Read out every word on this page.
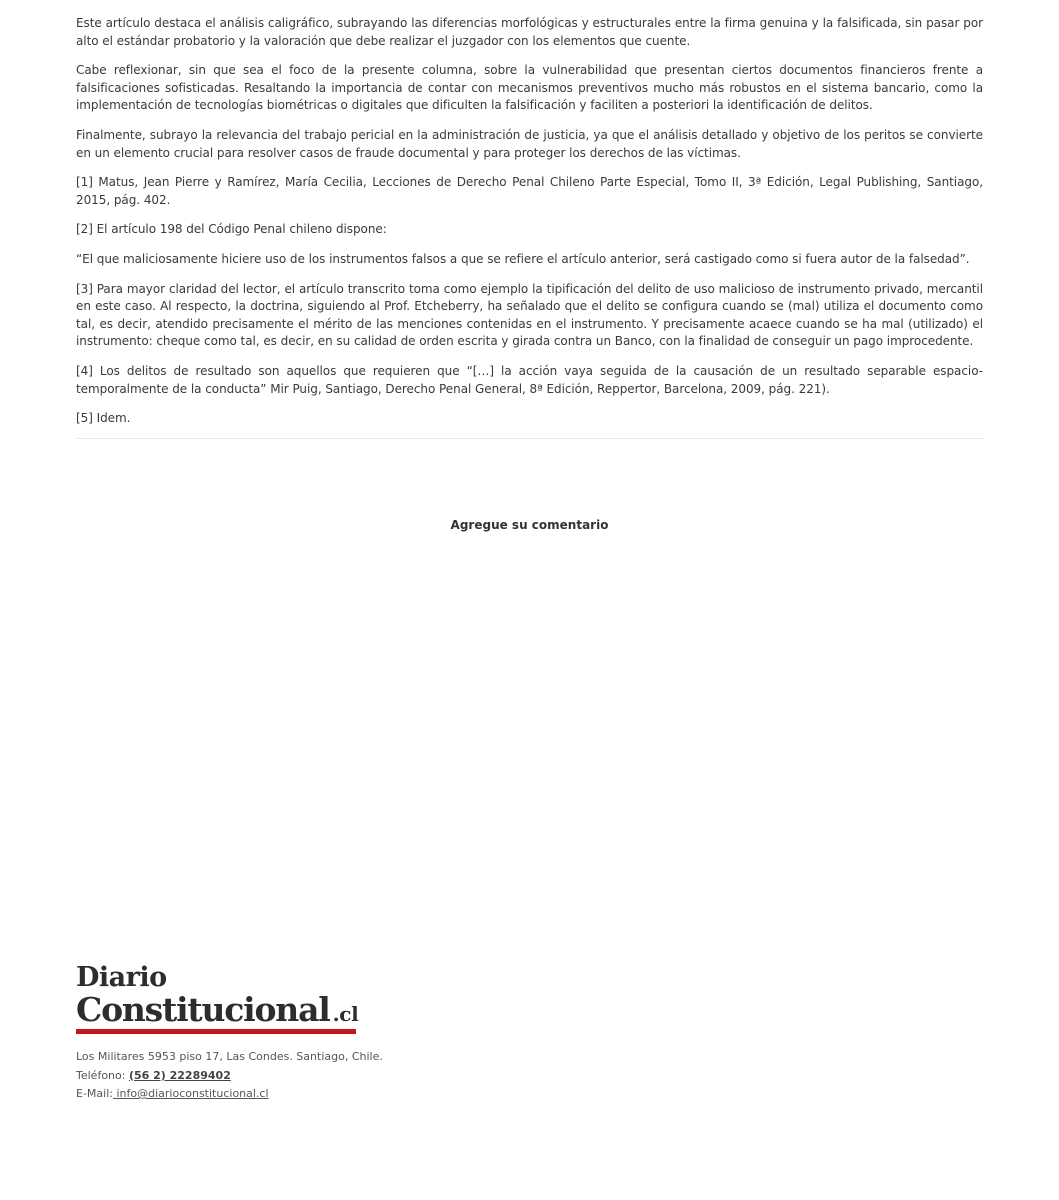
Este artículo destaca el análisis caligráfico, subrayando las diferencias morfológicas y estructurales entre la firma genuina y la falsificada, sin pasar por alto el estándar probatorio y la valoración que debe realizar el juzgador con los elementos que cuente.

Cabe reflexionar, sin que sea el foco de la presente columna, sobre la vulnerabilidad que presentan ciertos documentos financieros frente a falsificaciones sofisticadas. Resaltando la importancia de contar con mecanismos preventivos mucho más robustos en el sistema bancario, como la implementación de tecnologías biométricas o digitales que dificulten la falsificación y faciliten a posteriori la identificación de delitos.

Finalmente, subrayo la relevancia del trabajo pericial en la administración de justicia, ya que el análisis detallado y objetivo de los peritos se convierte en un elemento crucial para resolver casos de fraude documental y para proteger los derechos de las víctimas.

[1] Matus, Jean Pierre y Ramírez, María Cecilia, Lecciones de Derecho Penal Chileno Parte Especial, Tomo II, 3ª Edición, Legal Publishing, Santiago, 2015, pág. 402.

[2] El artículo 198 del Código Penal chileno dispone:

“El que maliciosamente hiciere uso de los instrumentos falsos a que se refiere el artículo anterior, será castigado como si fuera autor de la falsedad”.

[3] Para mayor claridad del lector, el artículo transcrito toma como ejemplo la tipificación del delito de uso malicioso de instrumento privado, mercantil en este caso. Al respecto, la doctrina, siguiendo al Prof. Etcheberry, ha señalado que el delito se configura cuando se (mal) utiliza el documento como tal, es decir, atendido precisamente el mérito de las menciones contenidas en el instrumento. Y precisamente acaece cuando se ha mal (utilizado) el instrumento: cheque como tal, es decir, en su calidad de orden escrita y girada contra un Banco, con la finalidad de conseguir un pago improcedente.

[4] Los delitos de resultado son aquellos que requieren que “[…] la acción vaya seguida de la causación de un resultado separable espacio-temporalmente de la conducta” Mir Puig, Santiago, Derecho Penal General, 8ª Edición, Reppertor, Barcelona, 2009, pág. 221).

[5] Idem.

Agregue su comentario
Diario
Constitucional .cl
Los Militares 5953 piso 17, Las Condes. Santiago, Chile.
Teléfono: (56 2) 22289402
E-Mail: info@diarioconstitucional.cl
